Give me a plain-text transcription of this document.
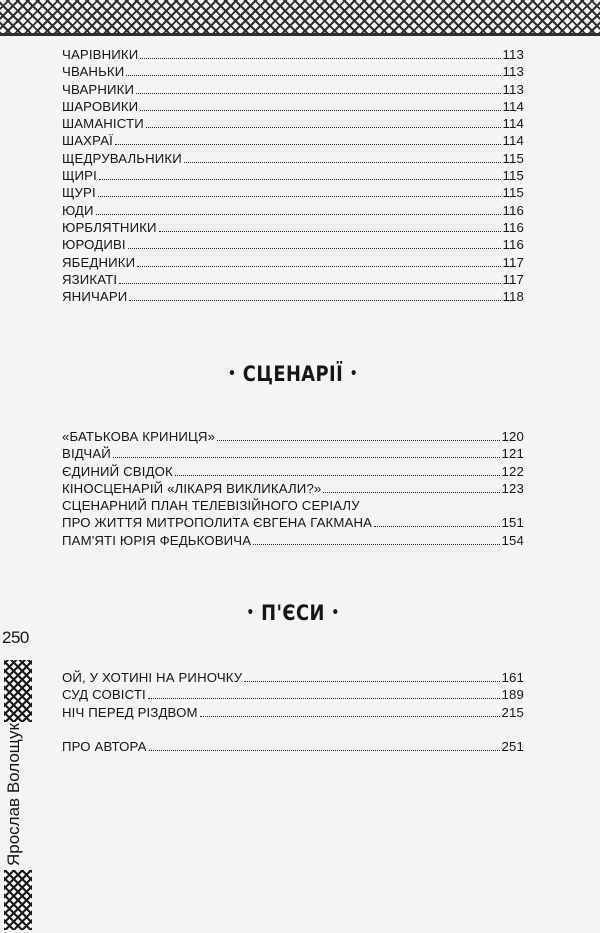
250
Ярослав Волощук
ЧАРІВНИКИ	113
ЧВАНЬКИ	113
ЧВАРНИКИ	113
ШАРОВИКИ	114
ШАМАНІСТИ	114
ШАХРАЇ	114
ЩЕДРУВАЛЬНИКИ	115
ЩИРІ	115
ЩУРІ	115
ЮДИ	116
ЮРБЛЯТНИКИ	116
ЮРОДИВІ	116
ЯБЕДНИКИ	117
ЯЗИКАТІ	117
ЯНИЧАРИ	118
• СЦЕНАРІЇ •
«БАТЬКОВА КРИНИЦЯ»	120
ВІДЧАЙ	121
ЄДИНИЙ СВІДОК	122
КІНОСЦЕНАРІЙ «ЛІКАРЯ ВИКЛИКАЛИ?»	123
СЦЕНАРНИЙ ПЛАН ТЕЛЕВІЗІЙНОГО СЕРІАЛУ
ПРО ЖИТТЯ МИТРОПОЛИТА ЄВГЕНА ГАКМАНА	151
ПАМ'ЯТІ ЮРІЯ ФЕДЬКОВИЧА	154
• П'ЄСИ •
ОЙ, У ХОТИНІ НА РИНОЧКУ	161
СУД СОВІСТІ	189
НІЧ ПЕРЕД РІЗДВОМ	215
ПРО АВТОРА	251
